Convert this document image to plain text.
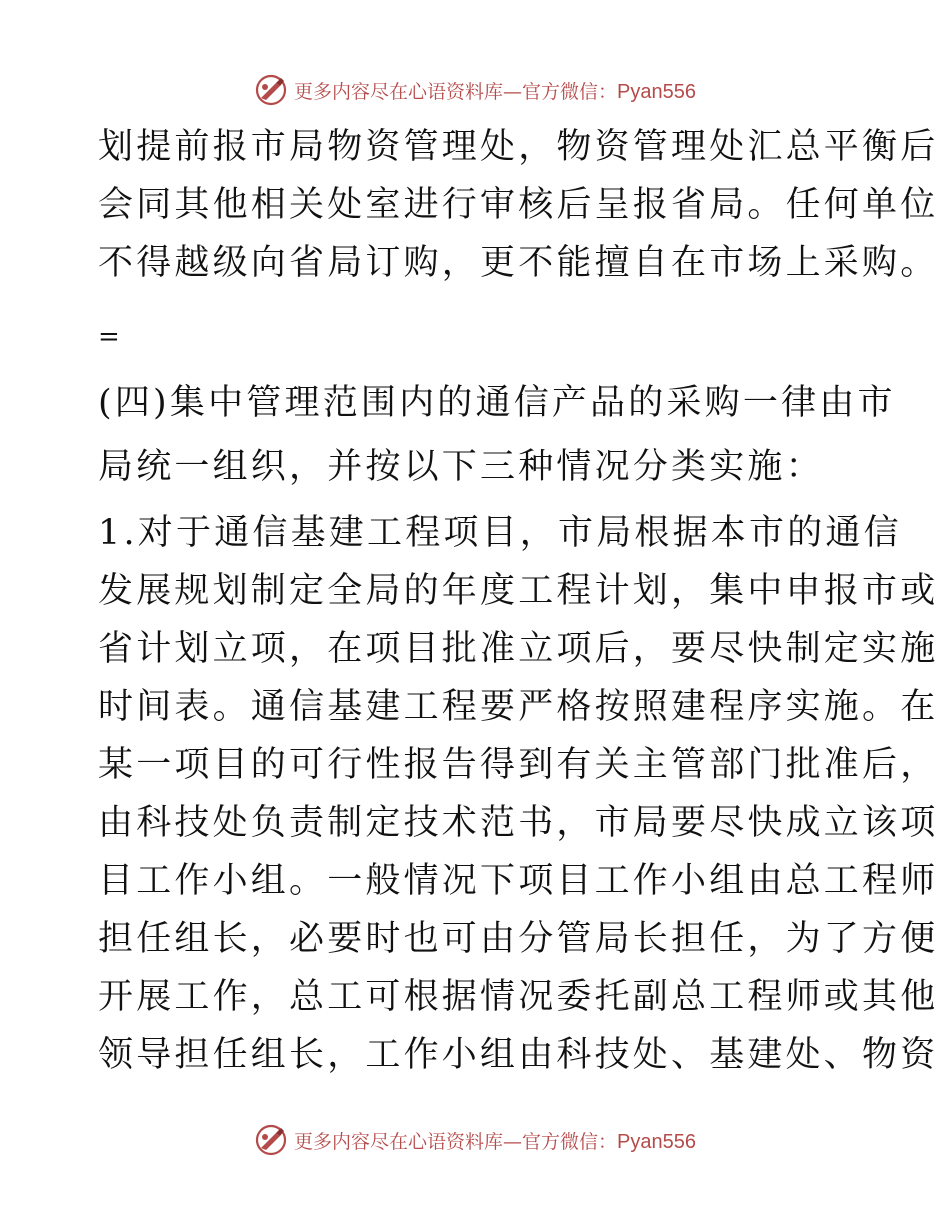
更多内容尽在心语资料库—官方微信：Pyan556
划提前报市局物资管理处，物资管理处汇总平衡后
会同其他相关处室进行审核后呈报省局。任何单位
不得越级向省局订购，更不能擅自在市场上采购。
=
(四)集中管理范围内的通信产品的采购一律由市
局统一组织，并按以下三种情况分类实施：
1.对于通信基建工程项目，市局根据本市的通信
发展规划制定全局的年度工程计划，集中申报市或
省计划立项，在项目批准立项后，要尽快制定实施
时间表。通信基建工程要严格按照建程序实施。在
某一项目的可行性报告得到有关主管部门批准后，
由科技处负责制定技术范书，市局要尽快成立该项
目工作小组。一般情况下项目工作小组由总工程师
担任组长，必要时也可由分管局长担任，为了方便
开展工作，总工可根据情况委托副总工程师或其他
领导担任组长，工作小组由科技处、基建处、物资
更多内容尽在心语资料库—官方微信：Pyan556
